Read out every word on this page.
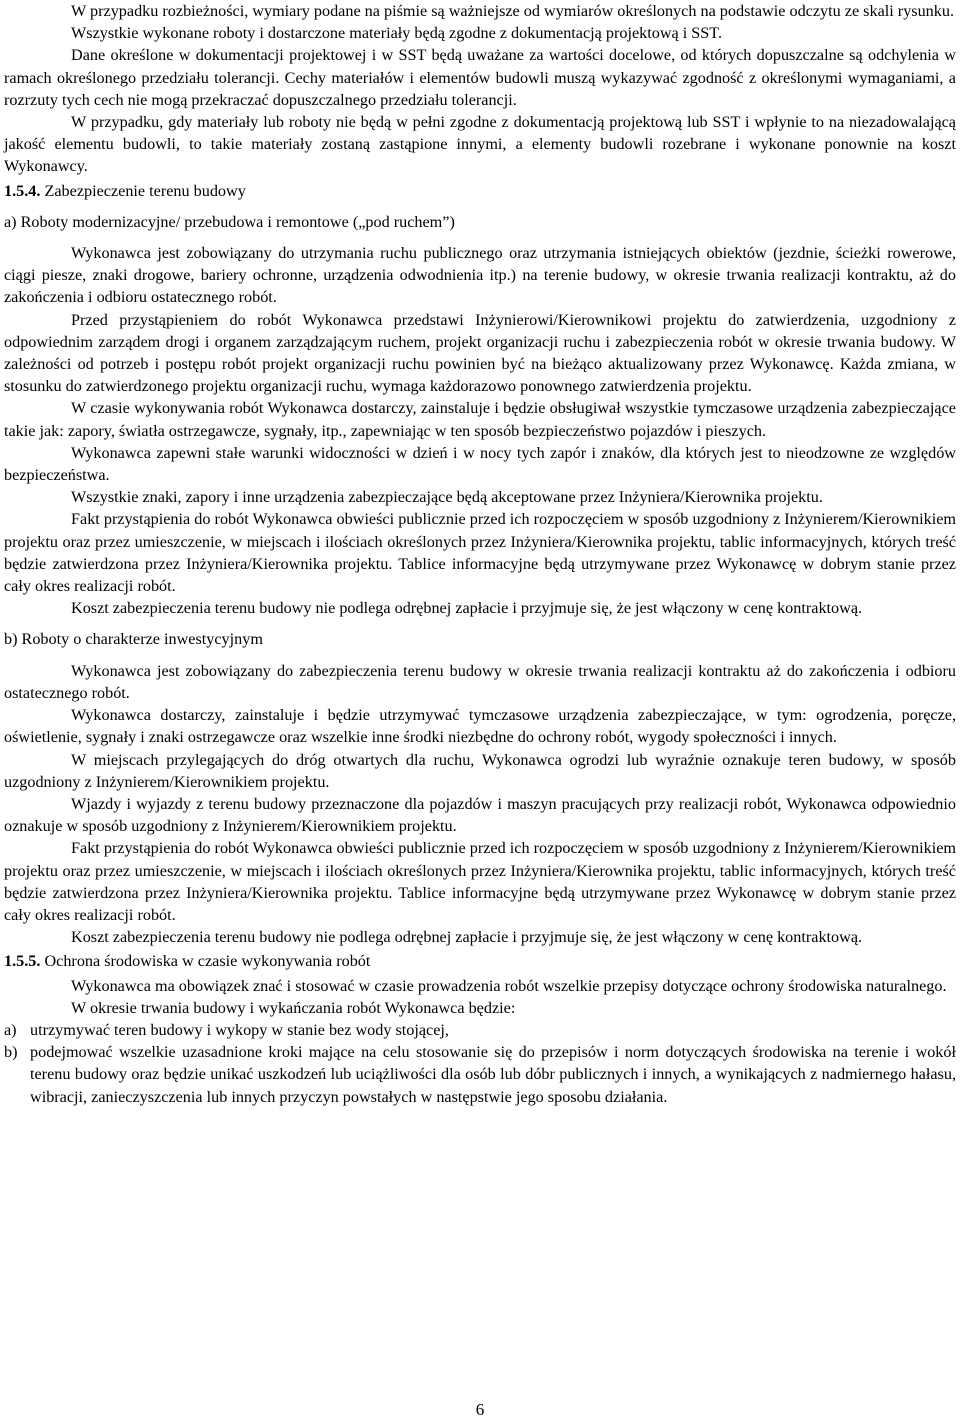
W przypadku rozbieżności, wymiary podane na piśmie są ważniejsze od wymiarów określonych na podstawie odczytu ze skali rysunku.

Wszystkie wykonane roboty i dostarczone materiały będą zgodne z dokumentacją projektową i SST.

Dane określone w dokumentacji projektowej i w SST będą uważane za wartości docelowe, od których dopuszczalne są odchylenia w ramach określonego przedziału tolerancji. Cechy materiałów i elementów budowli muszą wykazywać zgodność z określonymi wymaganiami, a rozrzuty tych cech nie mogą przekraczać dopuszczalnego przedziału tolerancji.

W przypadku, gdy materiały lub roboty nie będą w pełni zgodne z dokumentacją projektową lub SST i wpłynie to na niezadowalającą jakość elementu budowli, to takie materiały zostaną zastąpione innymi, a elementy budowli rozebrane i wykonane ponownie na koszt Wykonawcy.

1.5.4. Zabezpieczenie terenu budowy

a) Roboty modernizacyjne/ przebudowa i remontowe („pod ruchem”)

Wykonawca jest zobowiązany do utrzymania ruchu publicznego oraz utrzymania istniejących obiektów (jezdnie, ścieżki rowerowe, ciągi piesze, znaki drogowe, bariery ochronne, urządzenia odwodnienia itp.) na terenie budowy, w okresie trwania realizacji kontraktu, aż do zakończenia i odbioru ostatecznego robót.

Przed przystąpieniem do robót Wykonawca przedstawi Inżynierowi/Kierownikowi projektu do zatwierdzenia, uzgodniony z odpowiednim zarządem drogi i organem zarządzającym ruchem, projekt organizacji ruchu i zabezpieczenia robót w okresie trwania budowy. W zależności od potrzeb i postępu robót projekt organizacji ruchu powinien być na bieżąco aktualizowany przez Wykonawcę. Każda zmiana, w stosunku do zatwierdzonego projektu organizacji ruchu, wymaga każdorazowo ponownego zatwierdzenia projektu.

W czasie wykonywania robót Wykonawca dostarczy, zainstaluje i będzie obsługiwał wszystkie tymczasowe urządzenia zabezpieczające takie jak: zapory, światła ostrzegawcze, sygnały, itp., zapewniając w ten sposób bezpieczeństwo pojazdów i pieszych.

Wykonawca zapewni stałe warunki widoczności w dzień i w nocy tych zapór i znaków, dla których jest to nieodzowne ze względów bezpieczeństwa.

Wszystkie znaki, zapory i inne urządzenia zabezpieczające będą akceptowane przez Inżyniera/Kierownika projektu.

Fakt przystąpienia do robót Wykonawca obwieści publicznie przed ich rozpoczęciem w sposób uzgodniony z Inżynierem/Kierownikiem projektu oraz przez umieszczenie, w miejscach i ilościach określonych przez Inżyniera/Kierownika projektu, tablic informacyjnych, których treść będzie zatwierdzona przez Inżyniera/Kierownika projektu. Tablice informacyjne będą utrzymywane przez Wykonawcę w dobrym stanie przez cały okres realizacji robót.

Koszt zabezpieczenia terenu budowy nie podlega odrębnej zapłacie i przyjmuje się, że jest włączony w cenę kontraktową.

b) Roboty o charakterze inwestycyjnym

Wykonawca jest zobowiązany do zabezpieczenia terenu budowy w okresie trwania realizacji kontraktu aż do zakończenia i odbioru ostatecznego robót.

Wykonawca dostarczy, zainstaluje i będzie utrzymywać tymczasowe urządzenia zabezpieczające, w tym: ogrodzenia, poręcze, oświetlenie, sygnały i znaki ostrzegawcze oraz wszelkie inne środki niezbędne do ochrony robót, wygody społeczności i innych.

W miejscach przylegających do dróg otwartych dla ruchu, Wykonawca ogrodzi lub wyraźnie oznakuje teren budowy, w sposób uzgodniony z Inżynierem/Kierownikiem projektu.

Wjazdy i wyjazdy z terenu budowy przeznaczone dla pojazdów i maszyn pracujących przy realizacji robót, Wykonawca odpowiednio oznakuje w sposób uzgodniony z Inżynierem/Kierownikiem projektu.

Fakt przystąpienia do robót Wykonawca obwieści publicznie przed ich rozpoczęciem w sposób uzgodniony z Inżynierem/Kierownikiem projektu oraz przez umieszczenie, w miejscach i ilościach określonych przez Inżyniera/Kierownika projektu, tablic informacyjnych, których treść będzie zatwierdzona przez Inżyniera/Kierownika projektu. Tablice informacyjne będą utrzymywane przez Wykonawcę w dobrym stanie przez cały okres realizacji robót.

Koszt zabezpieczenia terenu budowy nie podlega odrębnej zapłacie i przyjmuje się, że jest włączony w cenę kontraktową.

1.5.5. Ochrona środowiska w czasie wykonywania robót

Wykonawca ma obowiązek znać i stosować w czasie prowadzenia robót wszelkie przepisy dotyczące ochrony środowiska naturalnego.

W okresie trwania budowy i wykańczania robót Wykonawca będzie:

a) utrzymywać teren budowy i wykopy w stanie bez wody stojącej,
b) podejmować wszelkie uzasadnione kroki mające na celu stosowanie się do przepisów i norm dotyczących środowiska na terenie i wokół terenu budowy oraz będzie unikać uszkodzeń lub uciążliwości dla osób lub dóbr publicznych i innych, a wynikających z nadmiernego hałasu, wibracji, zanieczyszczenia lub innych przyczyn powstałych w następstwie jego sposobu działania.
6
